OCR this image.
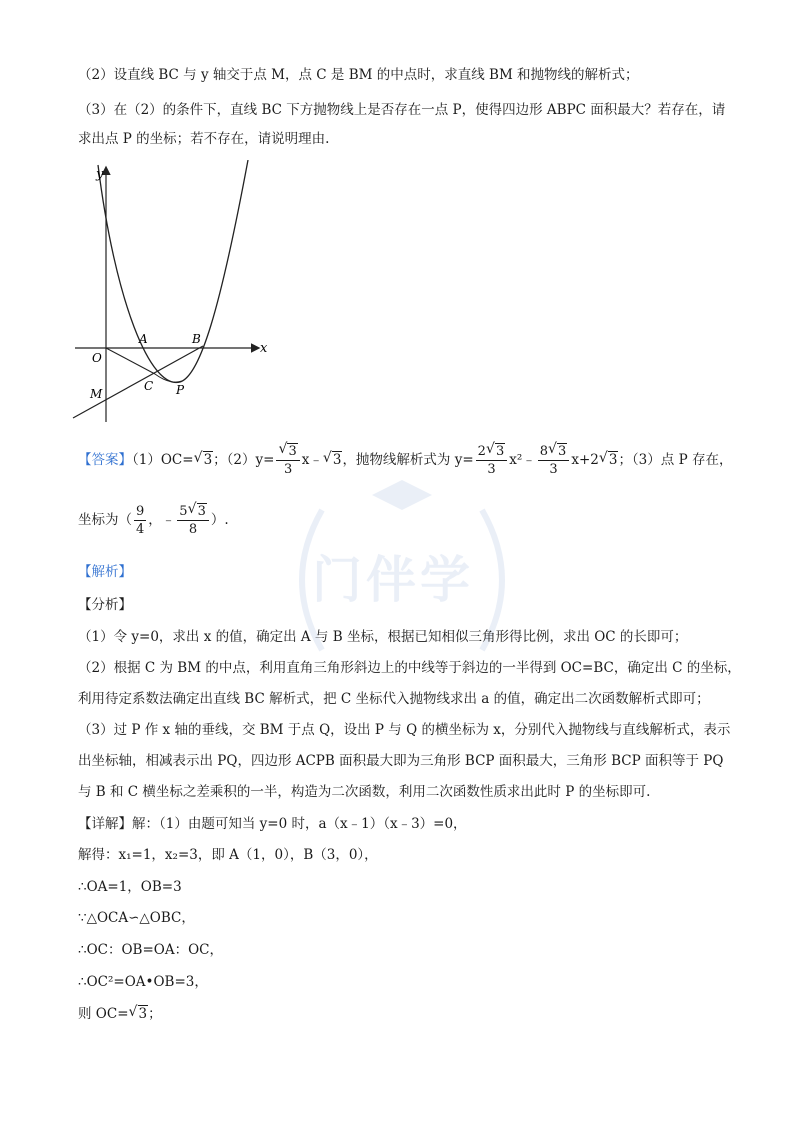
门伴学
（2）设直线 BC 与 y 轴交于点 M，点 C 是 BM 的中点时，求直线 BM 和抛物线的解析式；
（3）在（2）的条件下，直线 BC 下方抛物线上是否存在一点 P，使得四边形 ABPC 面积最大？若存在，请
求出点 P 的坐标；若不存在，请说明理由.
y
x
O
A	B
C P
M
【答案】（1）OC= √ 3；$(2)y= \frac{√ 3}{3}$ x﹣ √ 3，抛物线解析式为 $y= \frac{2 √ 3}{3}$ x²﹣ $\frac{8 √ 3}{3} x+2$ √ 3；（3）点 P 存在，
坐标为（ $\frac{9}{4}$ ，﹣ $\frac{5 √ 3}{8}$ ）.
【解析】
【分析】
（1）令 y=0，求出 x 的值，确定出 A 与 B 坐标，根据已知相似三角形得比例，求出 OC 的长即可；
（2）根据 C 为 BM 的中点，利用直角三角形斜边上的中线等于斜边的一半得到 OC=BC，确定出 C 的坐标，
利用待定系数法确定出直线 BC 解析式，把 C 坐标代入抛物线求出 a 的值，确定出二次函数解析式即可；
（3）过 P 作 x 轴的垂线，交 BM 于点 Q，设出 P 与 Q 的横坐标为 x，分别代入抛物线与直线解析式，表示
出坐标轴，相减表示出 PQ，四边形 ACPB 面积最大即为三角形 BCP 面积最大，三角形 BCP 面积等于 PQ
与 B 和 C 横坐标之差乘积的一半，构造为二次函数，利用二次函数性质求出此时 P 的坐标即可.
【详解】解：（1）由题可知当 y=0 时，a（x﹣1）（x﹣3）=0，
解得：x₁=1，x₂=3，即 A（1，0），B（3，0），
∴OA=1，OB=3
∵△OCA∽△OBC，
∴OC：OB=OA：OC，
∴OC²=OA•OB=3，
则 OC= √ 3；
